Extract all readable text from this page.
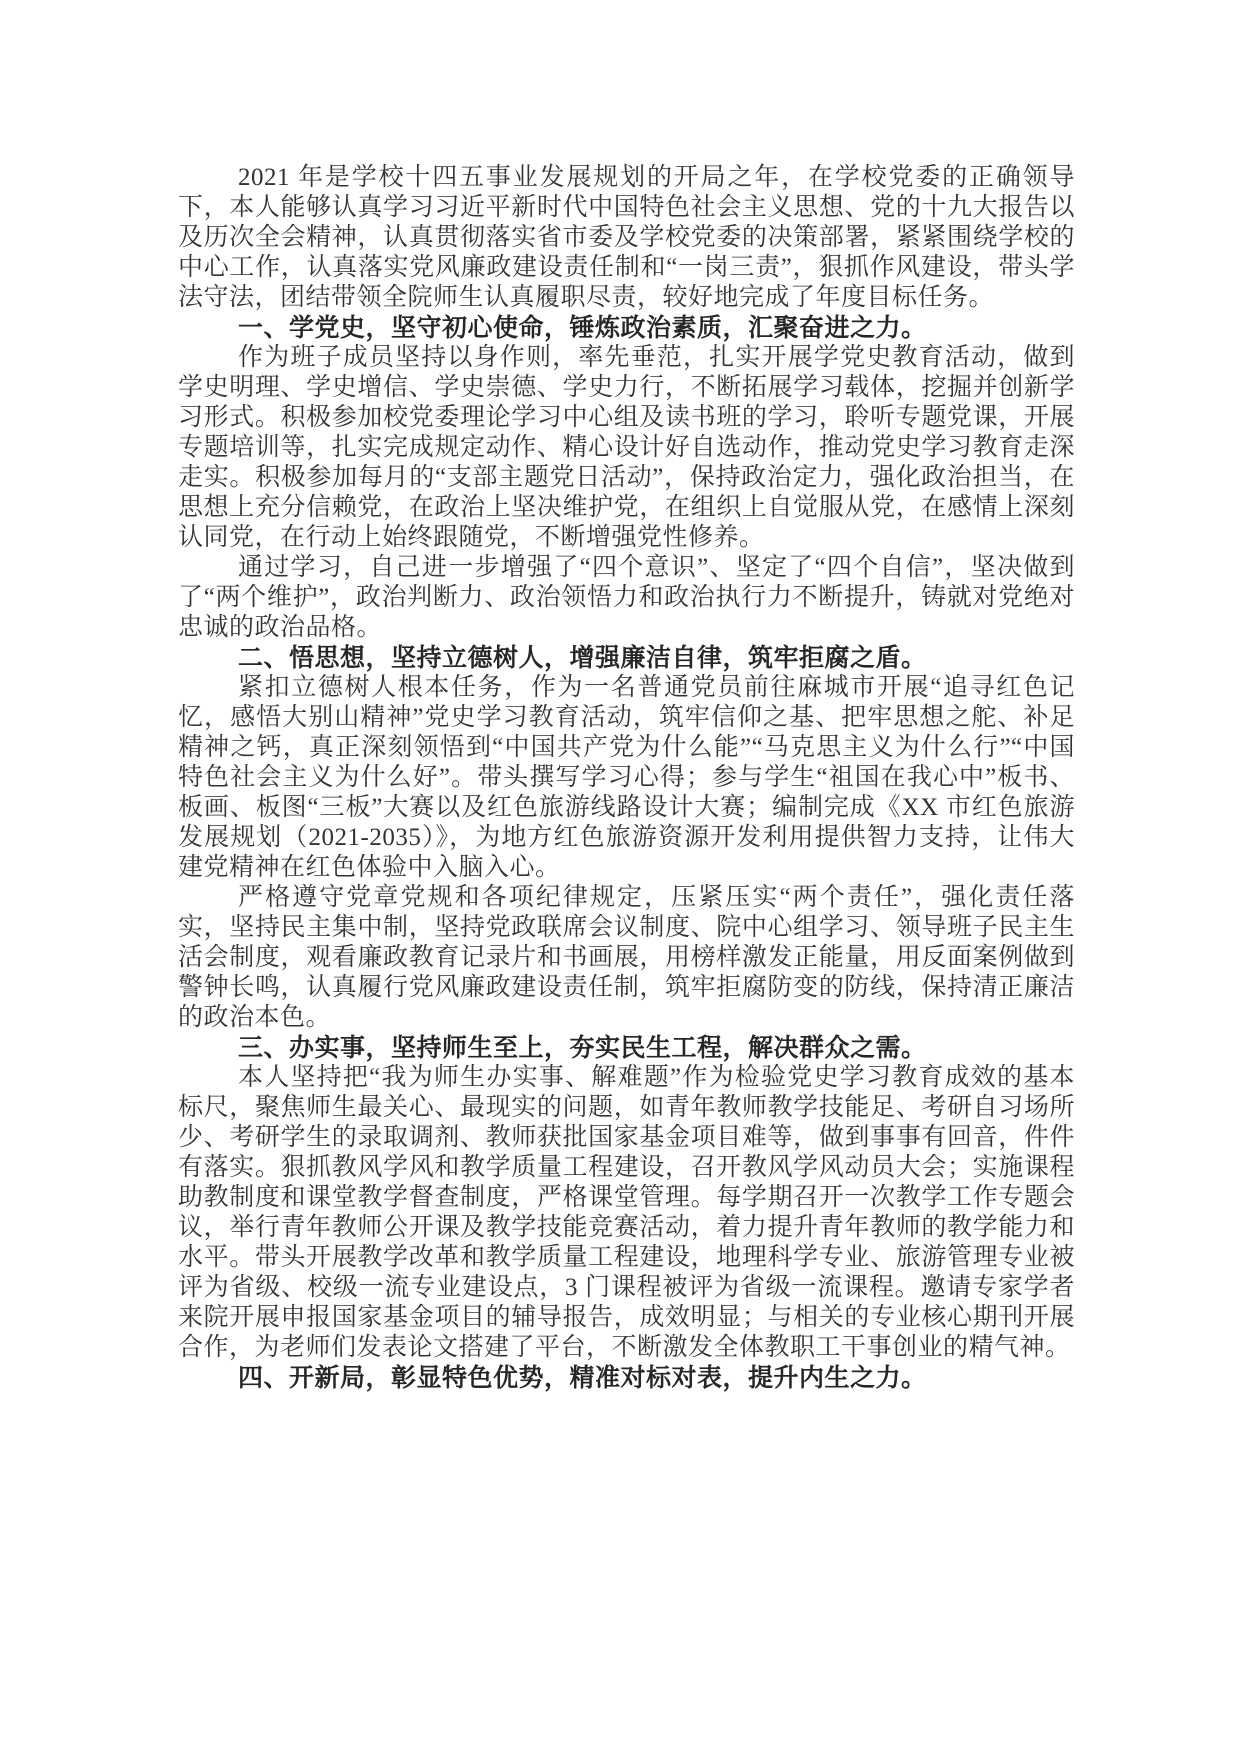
2021 年是学校十四五事业发展规划的开局之年，在学校党委的正确领导下，本人能够认真学习习近平新时代中国特色社会主义思想、党的十九大报告以及历次全会精神，认真贯彻落实省市委及学校党委的决策部署，紧紧围绕学校的中心工作，认真落实党风廉政建设责任制和“一岗三责”，狠抓作风建设，带头学法守法，团结带领全院师生认真履职尽责，较好地完成了年度目标任务。

一、学党史，坚守初心使命，锤炼政治素质，汇聚奋进之力。

作为班子成员坚持以身作则，率先垂范，扎实开展学党史教育活动，做到学史明理、学史增信、学史崇德、学史力行，不断拓展学习载体，挖掘并创新学习形式。积极参加校党委理论学习中心组及读书班的学习，聆听专题党课，开展专题培训等，扎实完成规定动作、精心设计好自选动作，推动党史学习教育走深走实。积极参加每月的“支部主题党日活动”，保持政治定力，强化政治担当，在思想上充分信赖党，在政治上坚决维护党，在组织上自觉服从党，在感情上深刻认同党，在行动上始终跟随党，不断增强党性修养。

通过学习，自己进一步增强了“四个意识”、坚定了“四个自信”，坚决做到了“两个维护”，政治判断力、政治领悟力和政治执行力不断提升，铸就对党绝对忠诚的政治品格。

二、悟思想，坚持立德树人，增强廉洁自律，筑牢拒腐之盾。

紧扣立德树人根本任务，作为一名普通党员前往麻城市开展“追寻红色记忆，感悟大别山精神”党史学习教育活动，筑牢信仰之基、把牢思想之舵、补足精神之钙，真正深刻领悟到“中国共产党为什么能”“马克思主义为什么行”“中国特色社会主义为什么好”。带头撰写学习心得；参与学生“祖国在我心中”板书、板画、板图“三板”大赛以及红色旅游线路设计大赛；编制完成《XX 市红色旅游发展规划（2021-2035）》，为地方红色旅游资源开发利用提供智力支持，让伟大建党精神在红色体验中入脑入心。

严格遵守党章党规和各项纪律规定，压紧压实“两个责任”，强化责任落实，坚持民主集中制，坚持党政联席会议制度、院中心组学习、领导班子民主生活会制度，观看廉政教育记录片和书画展，用榜样激发正能量，用反面案例做到警钟长鸣，认真履行党风廉政建设责任制，筑牢拒腐防变的防线，保持清正廉洁的政治本色。

三、办实事，坚持师生至上，夯实民生工程，解决群众之需。

本人坚持把“我为师生办实事、解难题”作为检验党史学习教育成效的基本标尺，聚焦师生最关心、最现实的问题，如青年教师教学技能足、考研自习场所少、考研学生的录取调剂、教师获批国家基金项目难等，做到事事有回音，件件有落实。狠抓教风学风和教学质量工程建设，召开教风学风动员大会；实施课程助教制度和课堂教学督查制度，严格课堂管理。每学期召开一次教学工作专题会议，举行青年教师公开课及教学技能竞赛活动，着力提升青年教师的教学能力和水平。带头开展教学改革和教学质量工程建设，地理科学专业、旅游管理专业被评为省级、校级一流专业建设点，3 门课程被评为省级一流课程。邀请专家学者来院开展申报国家基金项目的辅导报告，成效明显；与相关的专业核心期刊开展合作，为老师们发表论文搭建了平台，不断激发全体教职工干事创业的精气神。

四、开新局，彰显特色优势，精准对标对表，提升内生之力。
